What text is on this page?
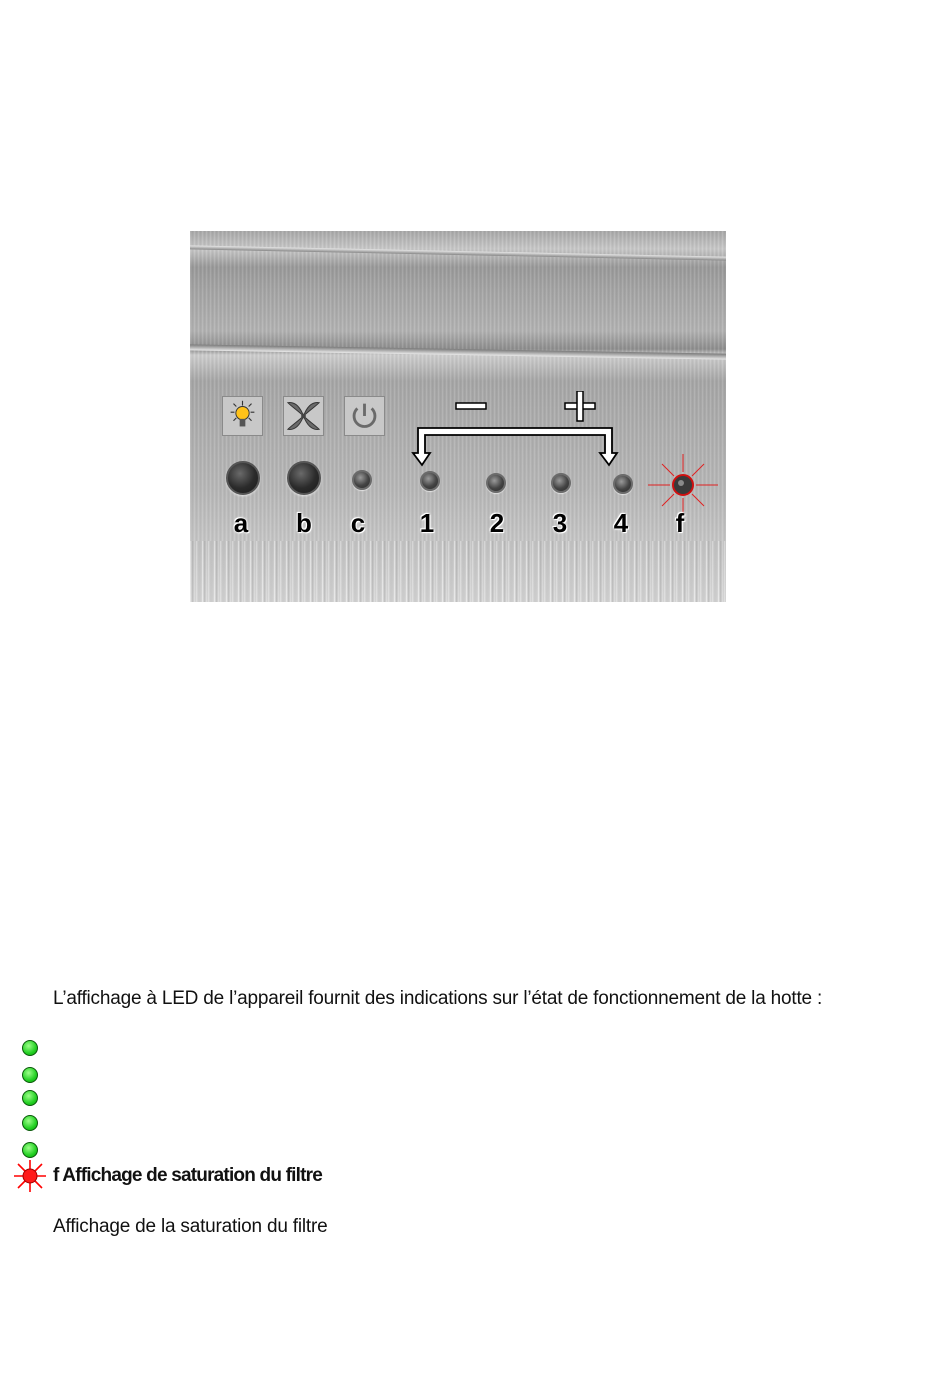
a b c 1 2 3 4	f
L’affichage à LED de l’appareil fournit des indications sur l’état de fonctionnement de la hotte :
f Affichage de saturation du filtre
Affichage de la saturation du filtre
